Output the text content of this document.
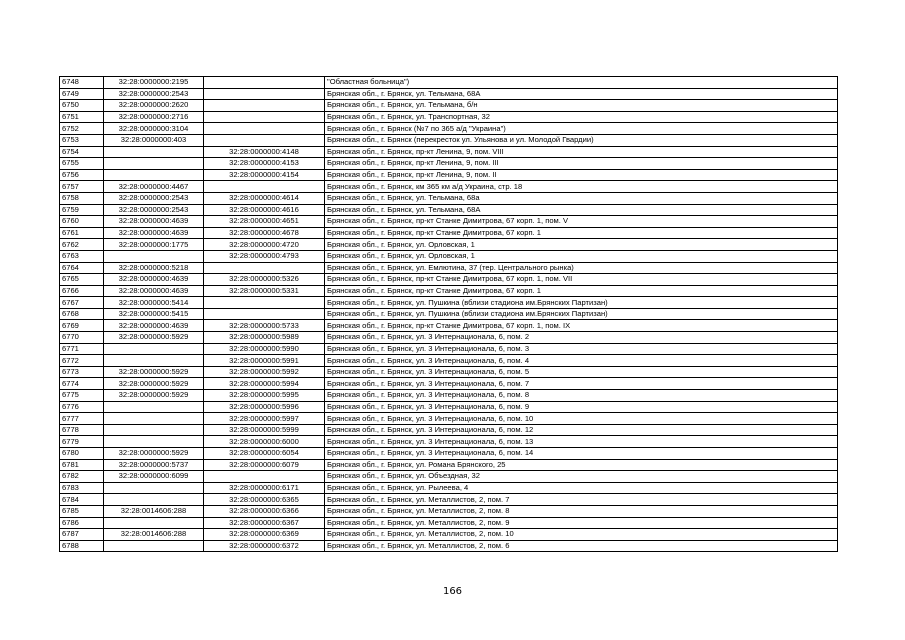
6748	32:28:0000000:2195		"Областная больница")
6749	32:28:0000000:2543		Брянская обл., г. Брянск, ул. Тельмана, 68А
6750	32:28:0000000:2620		Брянская обл., г. Брянск, ул. Тельмана, б/н
6751	32:28:0000000:2716		Брянская обл., г. Брянск, ул. Транспортная, 32
6752	32:28:0000000:3104		Брянская обл., г. Брянск (№7 по 365 а/д "Украина")
6753	32:28:0000000:403		Брянская обл., г. Брянск (перекресток ул. Ульянова и ул. Молодой Гвардии)
6754		32:28:0000000:4148	Брянская обл., г. Брянск, пр-кт Ленина, 9, пом. VIII
6755		32:28:0000000:4153	Брянская обл., г. Брянск, пр-кт Ленина, 9, пом. III
6756		32:28:0000000:4154	Брянская обл., г. Брянск, пр-кт Ленина, 9, пом. II
6757	32:28:0000000:4467		Брянская обл., г. Брянск, км 365 км а/д Украина, стр. 18
6758	32:28:0000000:2543	32:28:0000000:4614	Брянская обл., г. Брянск, ул. Тельмана, 68а
6759	32:28:0000000:2543	32:28:0000000:4616	Брянская обл., г. Брянск, ул. Тельмана, 68А
6760	32:28:0000000:4639	32:28:0000000:4651	Брянская обл., г. Брянск, пр-кт Станке Димитрова, 67 корп. 1, пом. V
6761	32:28:0000000:4639	32:28:0000000:4678	Брянская обл., г. Брянск, пр-кт Станке Димитрова, 67 корп. 1
6762	32:28:0000000:1775	32:28:0000000:4720	Брянская обл., г. Брянск, ул. Орловская, 1
6763		32:28:0000000:4793	Брянская обл., г. Брянск, ул. Орловская, 1
6764	32:28:0000000:5218		Брянская обл., г. Брянск, ул. Емлютина, 37 (тер. Центрального рынка)
6765	32:28:0000000:4639	32:28:0000000:5326	Брянская обл., г. Брянск, пр-кт Станке Димитрова, 67 корп. 1, пом. VII
6766	32:28:0000000:4639	32:28:0000000:5331	Брянская обл., г. Брянск, пр-кт Станке Димитрова, 67 корп. 1
6767	32:28:0000000:5414		Брянская обл., г. Брянск, ул. Пушкина (вблизи стадиона им.Брянских Партизан)
6768	32:28:0000000:5415		Брянская обл., г. Брянск, ул. Пушкина (вблизи стадиона им.Брянских Партизан)
6769	32:28:0000000:4639	32:28:0000000:5733	Брянская обл., г. Брянск, пр-кт Станке Димитрова, 67 корп. 1, пом. IX
6770	32:28:0000000:5929	32:28:0000000:5989	Брянская обл., г. Брянск, ул. 3 Интернационала, 6, пом. 2
6771		32:28:0000000:5990	Брянская обл., г. Брянск, ул. 3 Интернационала, 6, пом. 3
6772		32:28:0000000:5991	Брянская обл., г. Брянск, ул. 3 Интернационала, 6, пом. 4
6773	32:28:0000000:5929	32:28:0000000:5992	Брянская обл., г. Брянск, ул. 3 Интернационала, 6, пом. 5
6774	32:28:0000000:5929	32:28:0000000:5994	Брянская обл., г. Брянск, ул. 3 Интернационала, 6, пом. 7
6775	32:28:0000000:5929	32:28:0000000:5995	Брянская обл., г. Брянск, ул. 3 Интернационала, 6, пом. 8
6776		32:28:0000000:5996	Брянская обл., г. Брянск, ул. 3 Интернационала, 6, пом. 9
6777		32:28:0000000:5997	Брянская обл., г. Брянск, ул. 3 Интернационала, 6, пом. 10
6778		32:28:0000000:5999	Брянская обл., г. Брянск, ул. 3 Интернационала, 6, пом. 12
6779		32:28:0000000:6000	Брянская обл., г. Брянск, ул. 3 Интернационала, 6, пом. 13
6780	32:28:0000000:5929	32:28:0000000:6054	Брянская обл., г. Брянск, ул. 3 Интернационала, 6, пом. 14
6781	32:28:0000000:5737	32:28:0000000:6079	Брянская обл., г. Брянск, ул. Романа Брянского, 25
6782	32:28:0000000:6099		Брянская обл., г. Брянск, ул. Объездная, 32
6783		32:28:0000000:6171	Брянская обл., г. Брянск, ул. Рылеева, 4
6784		32:28:0000000:6365	Брянская обл., г. Брянск, ул. Металлистов, 2, пом. 7
6785	32:28:0014606:288	32:28:0000000:6366	Брянская обл., г. Брянск, ул. Металлистов, 2, пом. 8
6786		32:28:0000000:6367	Брянская обл., г. Брянск, ул. Металлистов, 2, пом. 9
6787	32:28:0014606:288	32:28:0000000:6369	Брянская обл., г. Брянск, ул. Металлистов, 2, пом. 10
6788		32:28:0000000:6372	Брянская обл., г. Брянск, ул. Металлистов, 2, пом. 6
166
